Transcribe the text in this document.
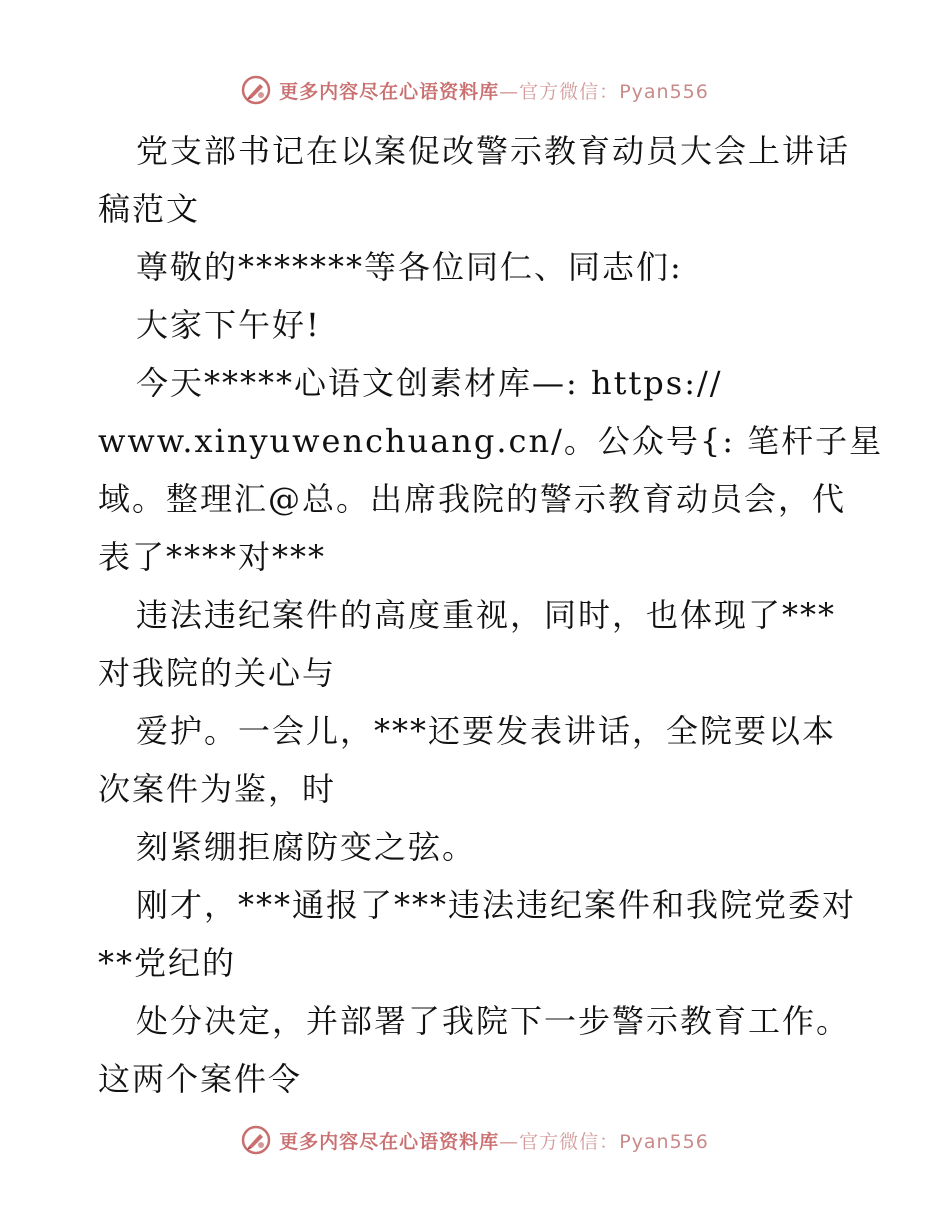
更多内容尽在心语资料库—官方微信：Pyan556
党支部书记在以案促改警示教育动员大会上讲话
稿范文
尊敬的*******等各位同仁、同志们:
大家下午好!
今天*****心语文创素材库—: https://
www.xinyuwenchuang.cn/。公众号{: 笔杆子星
域。整理汇@总。出席我院的警示教育动员会，代
表了****对***
违法违纪案件的高度重视，同时，也体现了***
对我院的关心与
爱护。一会儿，***还要发表讲话，全院要以本
次案件为鉴，时
刻紧绷拒腐防变之弦。
刚才，***通报了***违法违纪案件和我院党委对
**党纪的
处分决定，并部署了我院下一步警示教育工作。
这两个案件令
更多内容尽在心语资料库—官方微信：Pyan556
